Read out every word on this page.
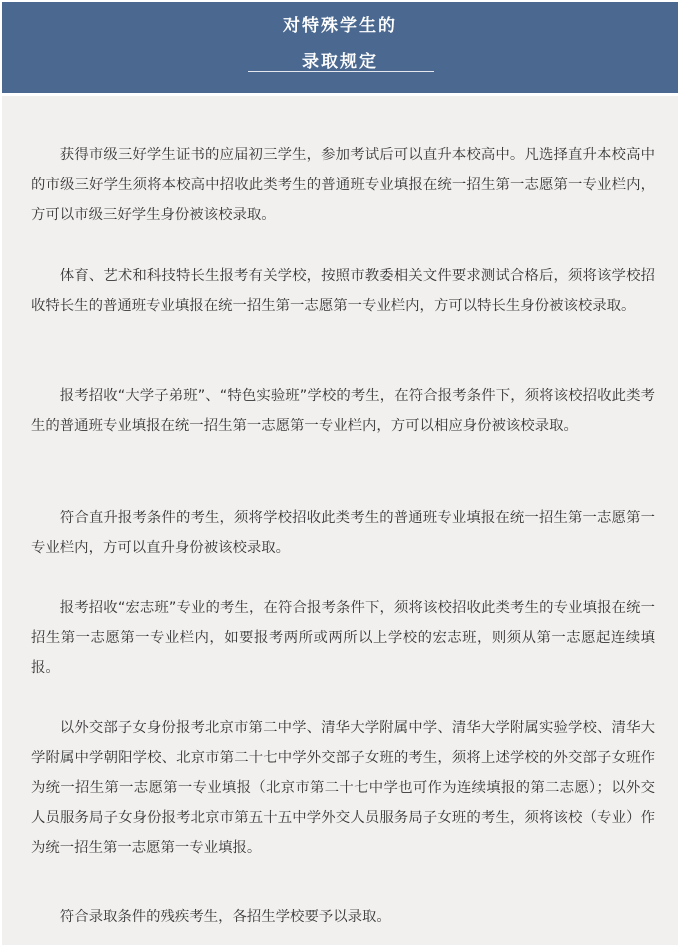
对特殊学生的
录取规定

获得市级三好学生证书的应届初三学生，参加考试后可以直升本校高中。凡选择直升本校高中的市级三好学生须将本校高中招收此类考生的普通班专业填报在统一招生第一志愿第一专业栏内，方可以市级三好学生身份被该校录取。

体育、艺术和科技特长生报考有关学校，按照市教委相关文件要求测试合格后，须将该学校招收特长生的普通班专业填报在统一招生第一志愿第一专业栏内，方可以特长生身份被该校录取。

报考招收“大学子弟班”、“特色实验班”学校的考生，在符合报考条件下，须将该校招收此类考生的普通班专业填报在统一招生第一志愿第一专业栏内，方可以相应身份被该校录取。

符合直升报考条件的考生，须将学校招收此类考生的普通班专业填报在统一招生第一志愿第一专业栏内，方可以直升身份被该校录取。

报考招收“宏志班”专业的考生，在符合报考条件下，须将该校招收此类考生的专业填报在统一招生第一志愿第一专业栏内，如要报考两所或两所以上学校的宏志班，则须从第一志愿起连续填报。

以外交部子女身份报考北京市第二中学、清华大学附属中学、清华大学附属实验学校、清华大学附属中学朝阳学校、北京市第二十七中学外交部子女班的考生，须将上述学校的外交部子女班作为统一招生第一志愿第一专业填报（北京市第二十七中学也可作为连续填报的第二志愿）；以外交人员服务局子女身份报考北京市第五十五中学外交人员服务局子女班的考生，须将该校（专业）作为统一招生第一志愿第一专业填报。

符合录取条件的残疾考生，各招生学校要予以录取。
